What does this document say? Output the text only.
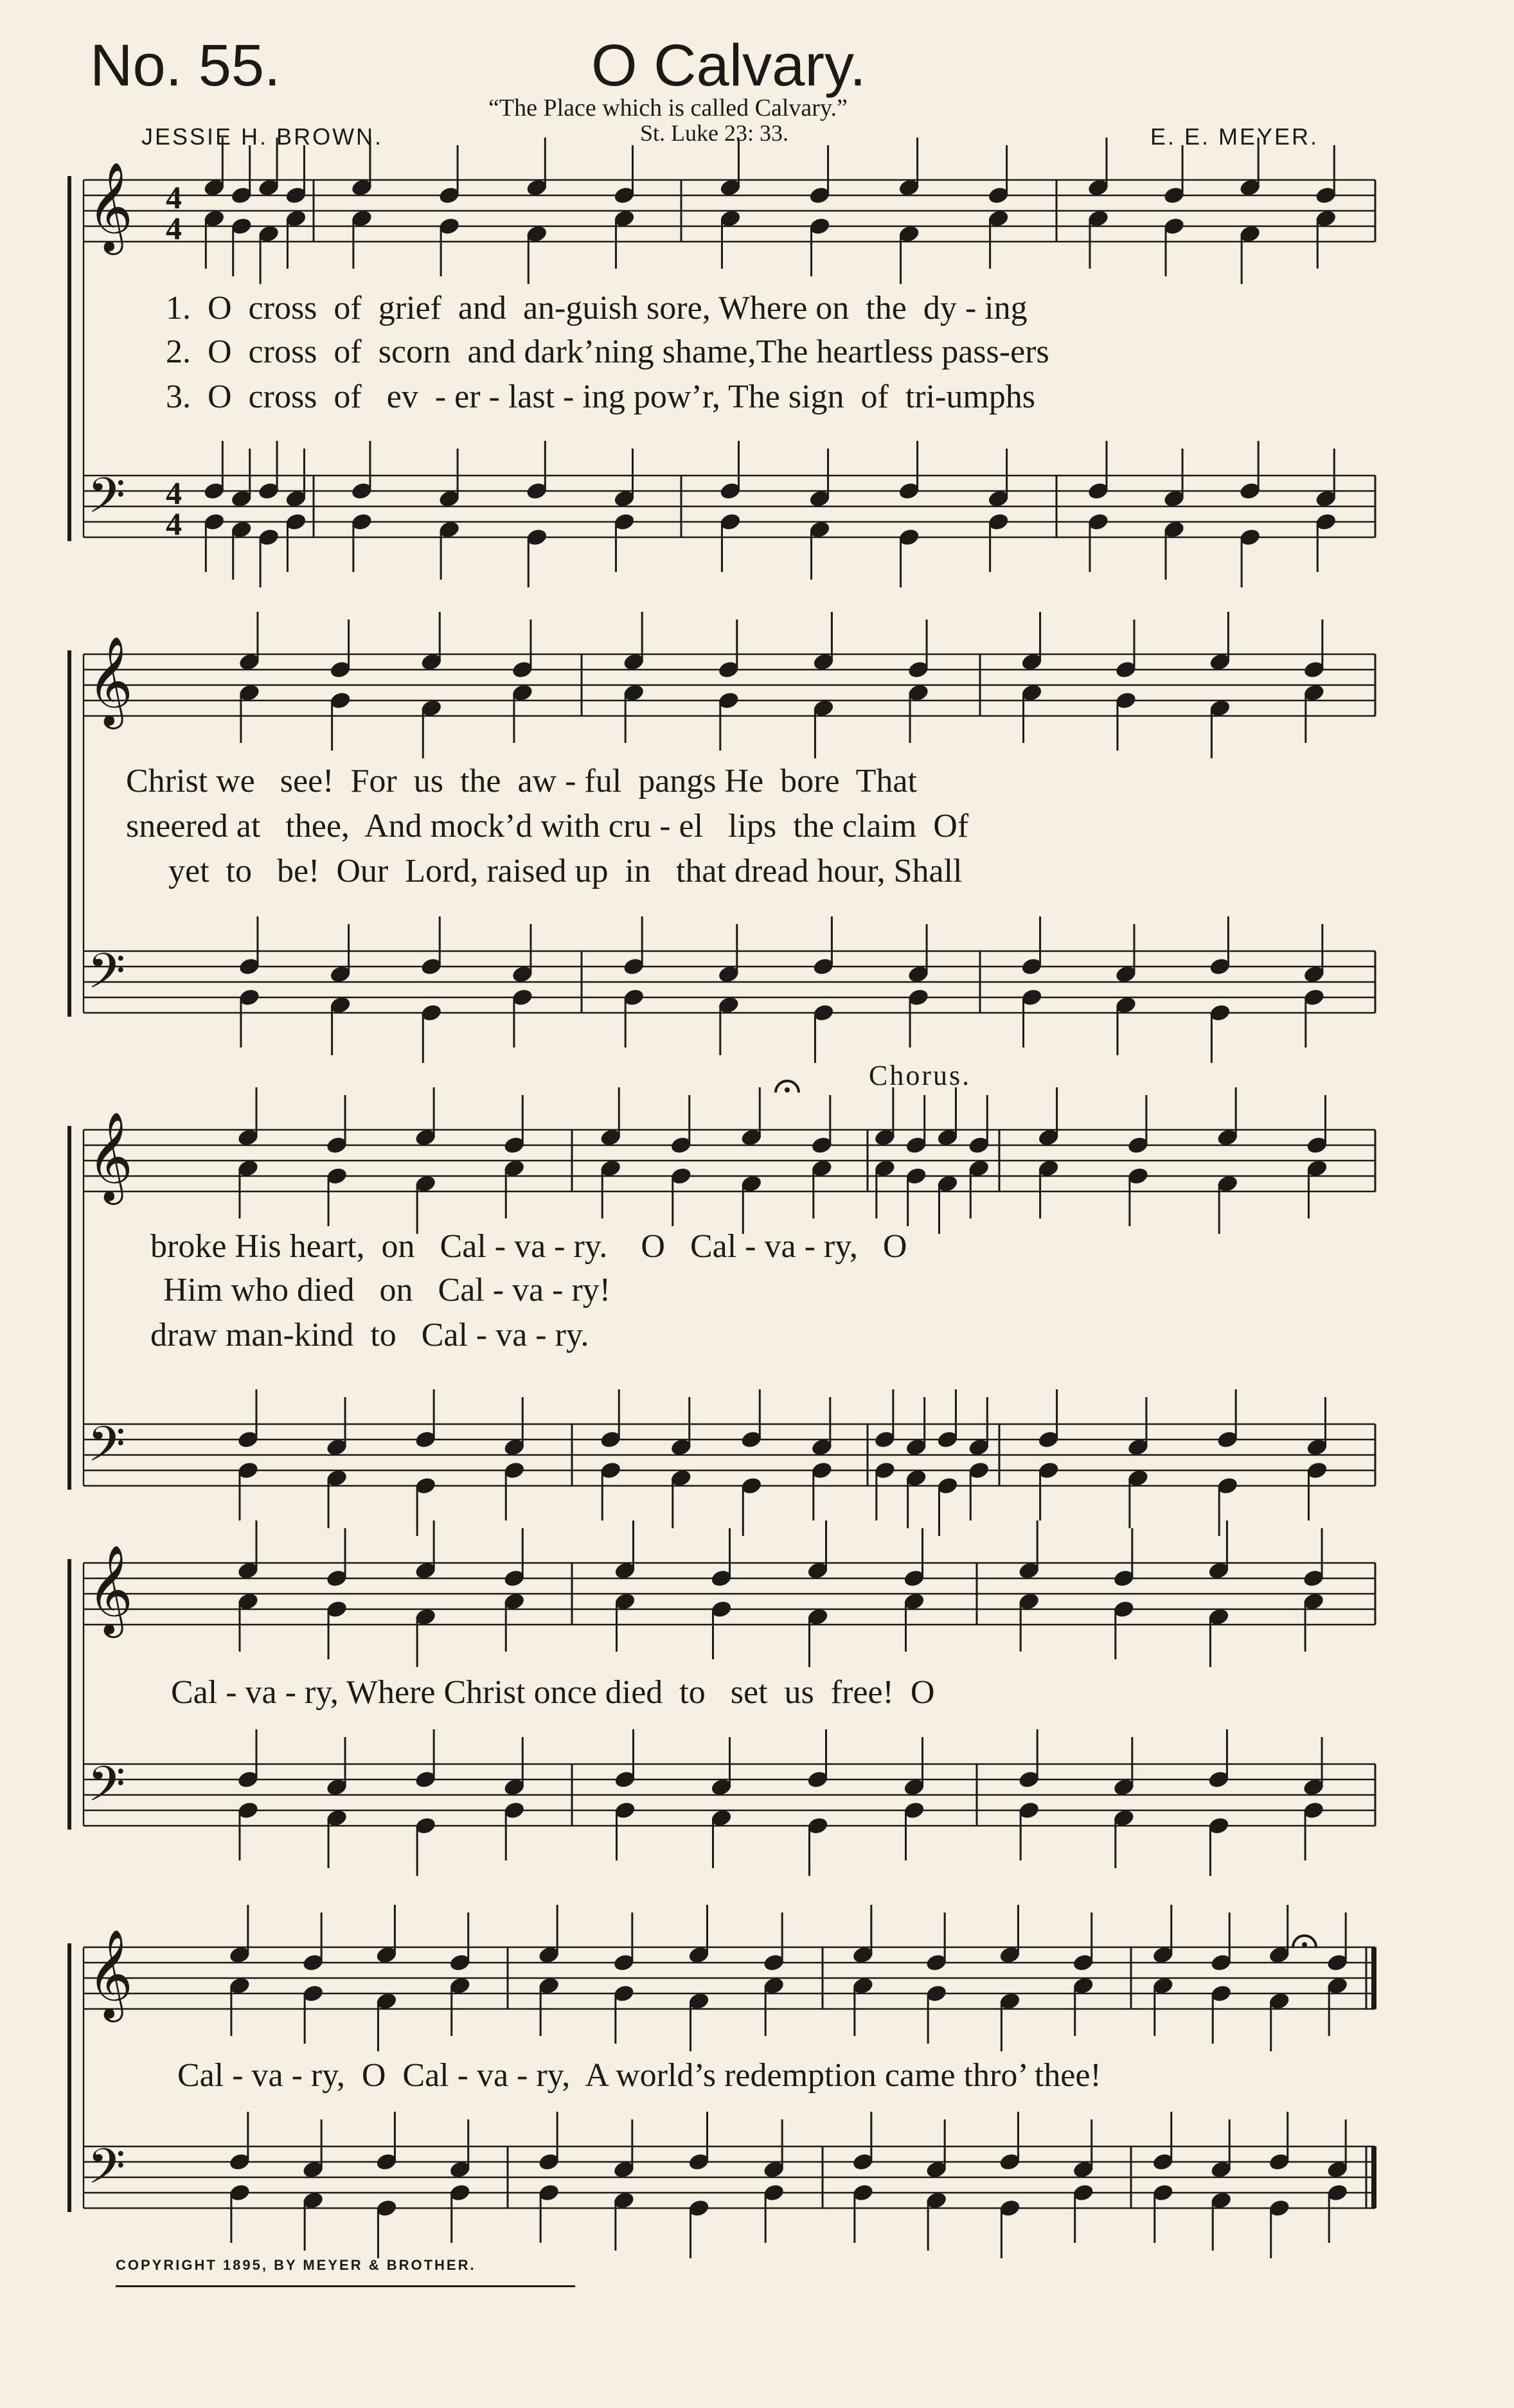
No. 55.	O Calvary.
“The Place which is called Calvary.”
St. Luke 23: 33.
JESSIE H. BROWN.	E. E. MEYER.
𝄞 4
4
𝄢 4
4
𝄞
𝄢
𝄞
𝄢
𝄞
𝄢
𝄞
𝄢
Chorus.
1.  O  cross  of  grief  and  an-guish sore, Where on  the  dy - ing
2.  O  cross  of  scorn  and dark’ning shame,The heartless pass-ers
3.  O  cross  of   ev  - er - last - ing pow’r, The sign  of  tri-umphs
Christ we   see!  For  us  the  aw - ful  pangs He  bore  That
sneered at   thee,  And mock’d with cru - el   lips  the claim  Of
yet  to   be!  Our  Lord, raised up  in   that dread hour, Shall
broke His heart,  on   Cal - va - ry.    O   Cal - va - ry,   O
Him who died   on   Cal - va - ry!
draw man-kind  to   Cal - va - ry.
Cal - va - ry, Where Christ once died  to   set  us  free!  O
Cal - va - ry,  O  Cal - va - ry,  A world’s redemption came thro’ thee!
COPYRIGHT 1895, BY MEYER & BROTHER.
